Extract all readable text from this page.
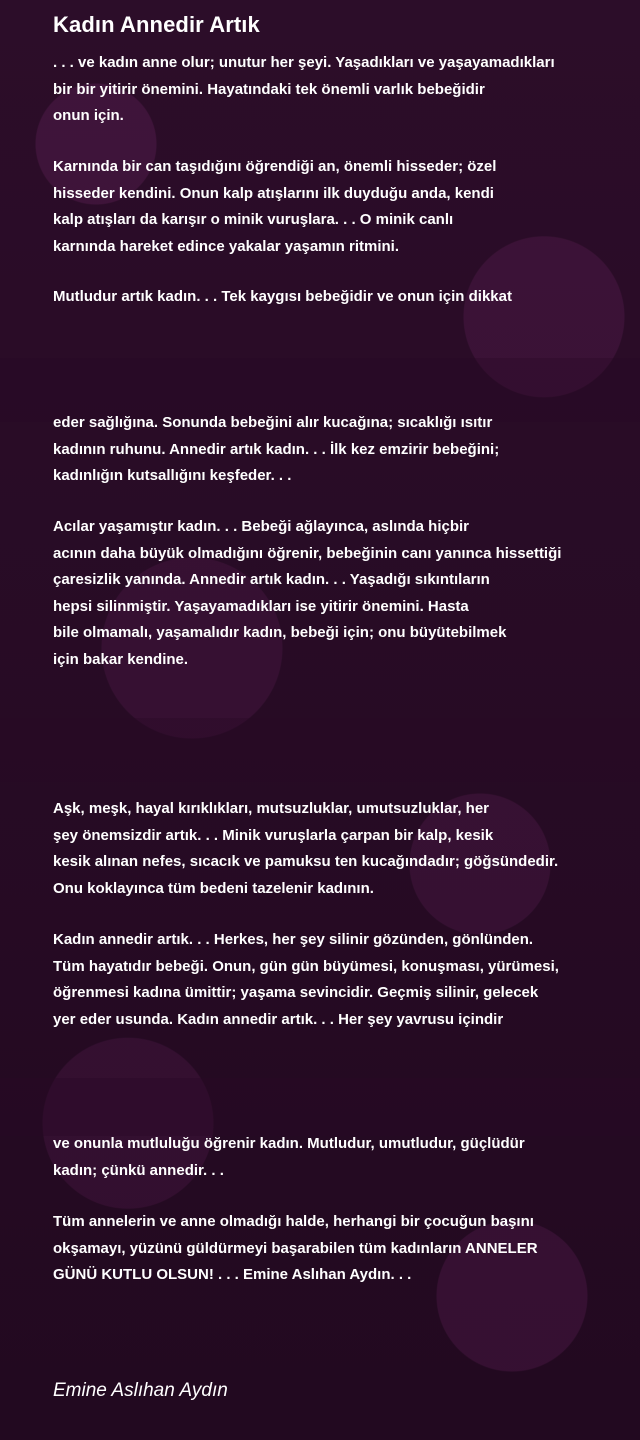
Kadın Annedir Artık
. . . ve kadın anne olur; unutur her şeyi. Yaşadıkları ve yaşayamadıkları
bir bir yitirir önemini. Hayatındaki tek önemli varlık bebeğidir
onun için.
Karnında bir can taşıdığını öğrendiği an, önemli hisseder; özel
hisseder kendini. Onun kalp atışlarını ilk duyduğu anda, kendi
kalp atışları da karışır o minik vuruşlara. . . O minik canlı
karnında hareket edince yakalar yaşamın ritmini.
Mutludur artık kadın. . . Tek kaygısı bebeğidir ve onun için dikkat
eder sağlığına. Sonunda bebeğini alır kucağına; sıcaklığı ısıtır
kadının ruhunu. Annedir artık kadın. . . İlk kez emzirir bebeğini;
kadınlığın kutsallığını keşfeder. . .
Acılar yaşamıştır kadın. . . Bebeği ağlayınca, aslında hiçbir
acının daha büyük olmadığını öğrenir, bebeğinin canı yanınca hissettiği
çaresizlik yanında. Annedir artık kadın. . . Yaşadığı sıkıntıların
hepsi silinmiştir. Yaşayamadıkları ise yitirir önemini. Hasta
bile olmamalı, yaşamalıdır kadın, bebeği için; onu büyütebilmek
için bakar kendine.
Aşk, meşk, hayal kırıklıkları, mutsuzluklar, umutsuzluklar, her
şey önemsizdir artık. . . Minik vuruşlarla çarpan bir kalp, kesik
kesik alınan nefes, sıcacık ve pamuksu ten kucağındadır; göğsündedir.
Onu koklayınca tüm bedeni tazelenir kadının.
Kadın annedir artık. . . Herkes, her şey silinir gözünden, gönlünden.
Tüm hayatıdır bebeği. Onun, gün gün büyümesi, konuşması, yürümesi,
öğrenmesi kadına ümittir; yaşama sevincidir. Geçmiş silinir, gelecek
yer eder usunda. Kadın annedir artık. . . Her şey yavrusu içindir
ve onunla mutluluğu öğrenir kadın. Mutludur, umutludur, güçlüdür
kadın; çünkü annedir. . .
Tüm annelerin ve anne olmadığı halde, herhangi bir çocuğun başını
okşamayı, yüzünü güldürmeyi başarabilen tüm kadınların ANNELER
GÜNÜ KUTLU OLSUN! . . . Emine Aslıhan Aydın. . .

Emine Aslıhan Aydın
